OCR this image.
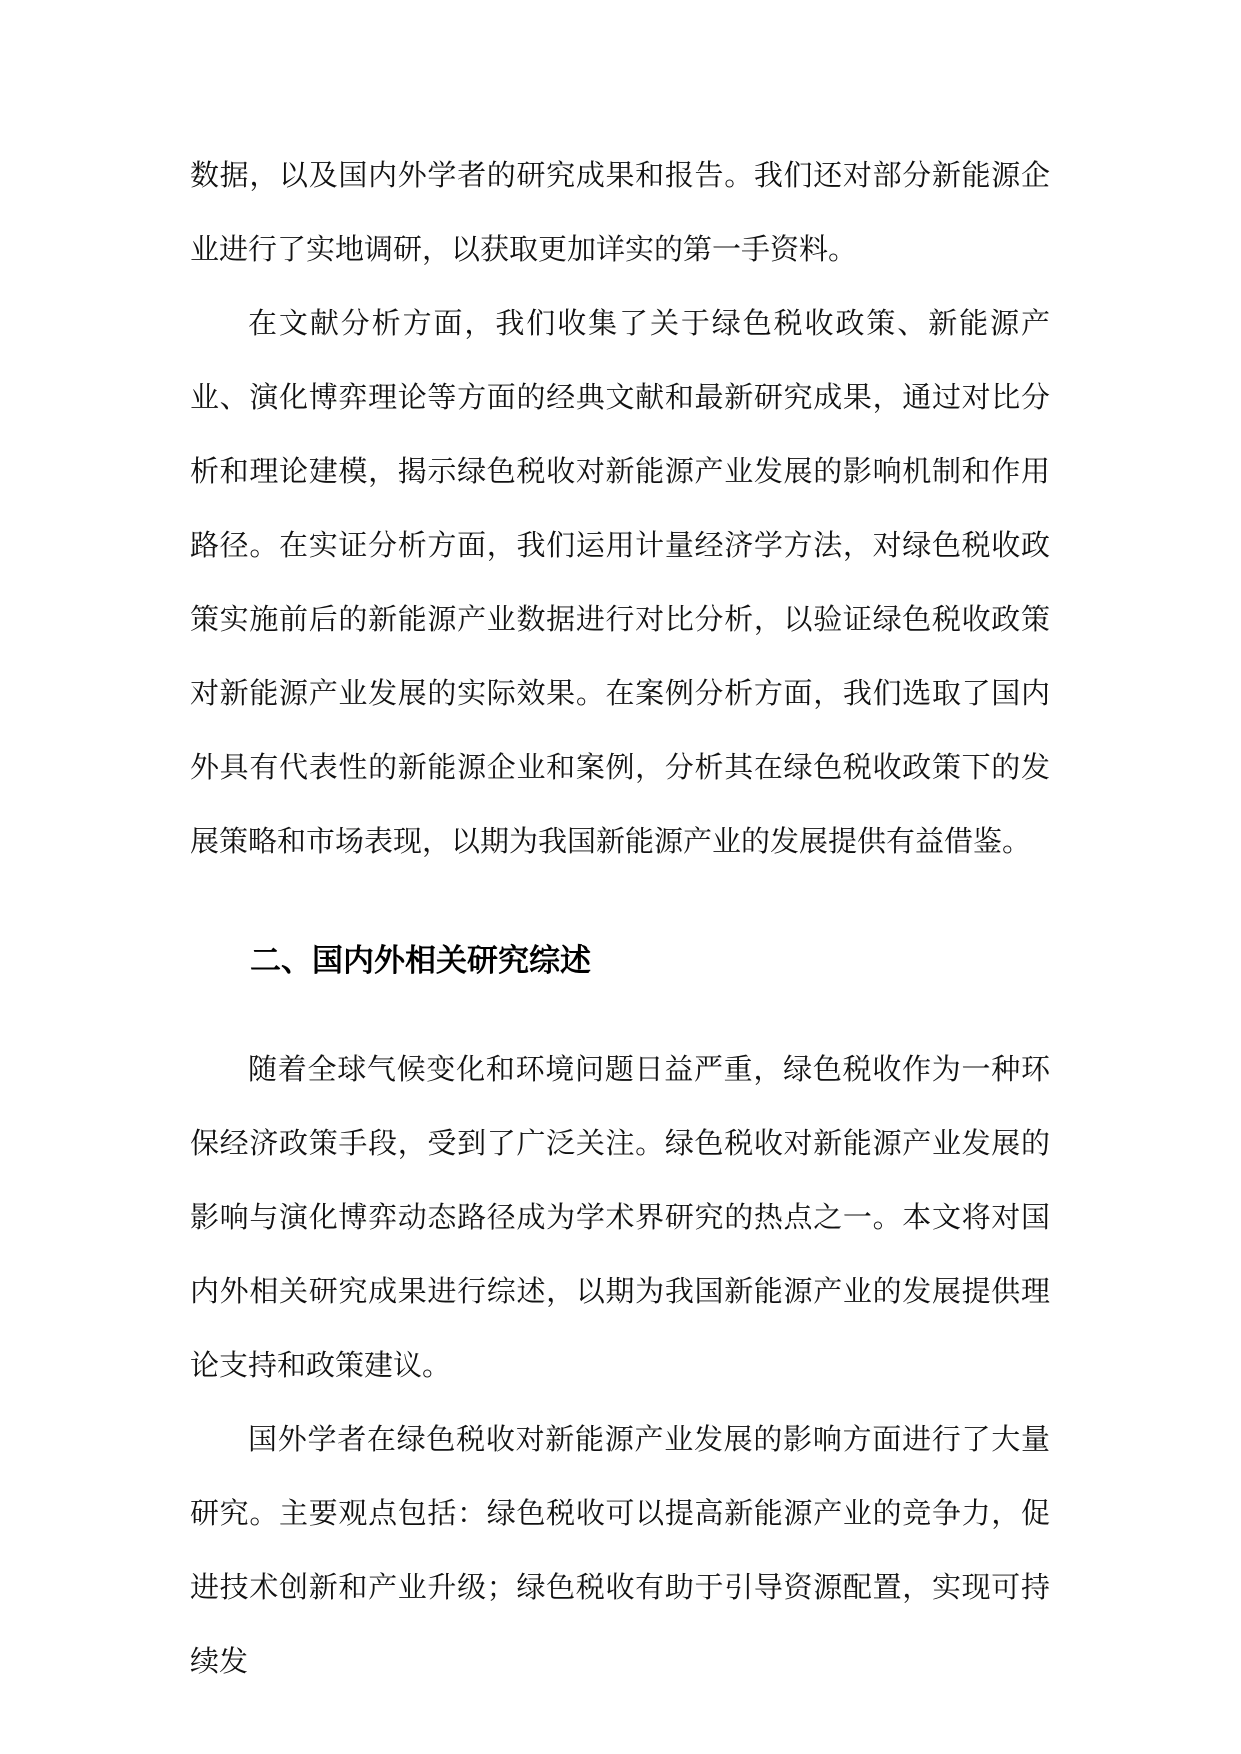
数据，以及国内外学者的研究成果和报告。我们还对部分新能源企业进行了实地调研，以获取更加详实的第一手资料。

在文献分析方面，我们收集了关于绿色税收政策、新能源产业、演化博弈理论等方面的经典文献和最新研究成果，通过对比分析和理论建模，揭示绿色税收对新能源产业发展的影响机制和作用路径。在实证分析方面，我们运用计量经济学方法，对绿色税收政策实施前后的新能源产业数据进行对比分析，以验证绿色税收政策对新能源产业发展的实际效果。在案例分析方面，我们选取了国内外具有代表性的新能源企业和案例，分析其在绿色税收政策下的发展策略和市场表现，以期为我国新能源产业的发展提供有益借鉴。

二、国内外相关研究综述

随着全球气候变化和环境问题日益严重，绿色税收作为一种环保经济政策手段，受到了广泛关注。绿色税收对新能源产业发展的影响与演化博弈动态路径成为学术界研究的热点之一。本文将对国内外相关研究成果进行综述，以期为我国新能源产业的发展提供理论支持和政策建议。

国外学者在绿色税收对新能源产业发展的影响方面进行了大量研究。主要观点包括：绿色税收可以提高新能源产业的竞争力，促进技术创新和产业升级；绿色税收有助于引导资源配置，实现可持续发
